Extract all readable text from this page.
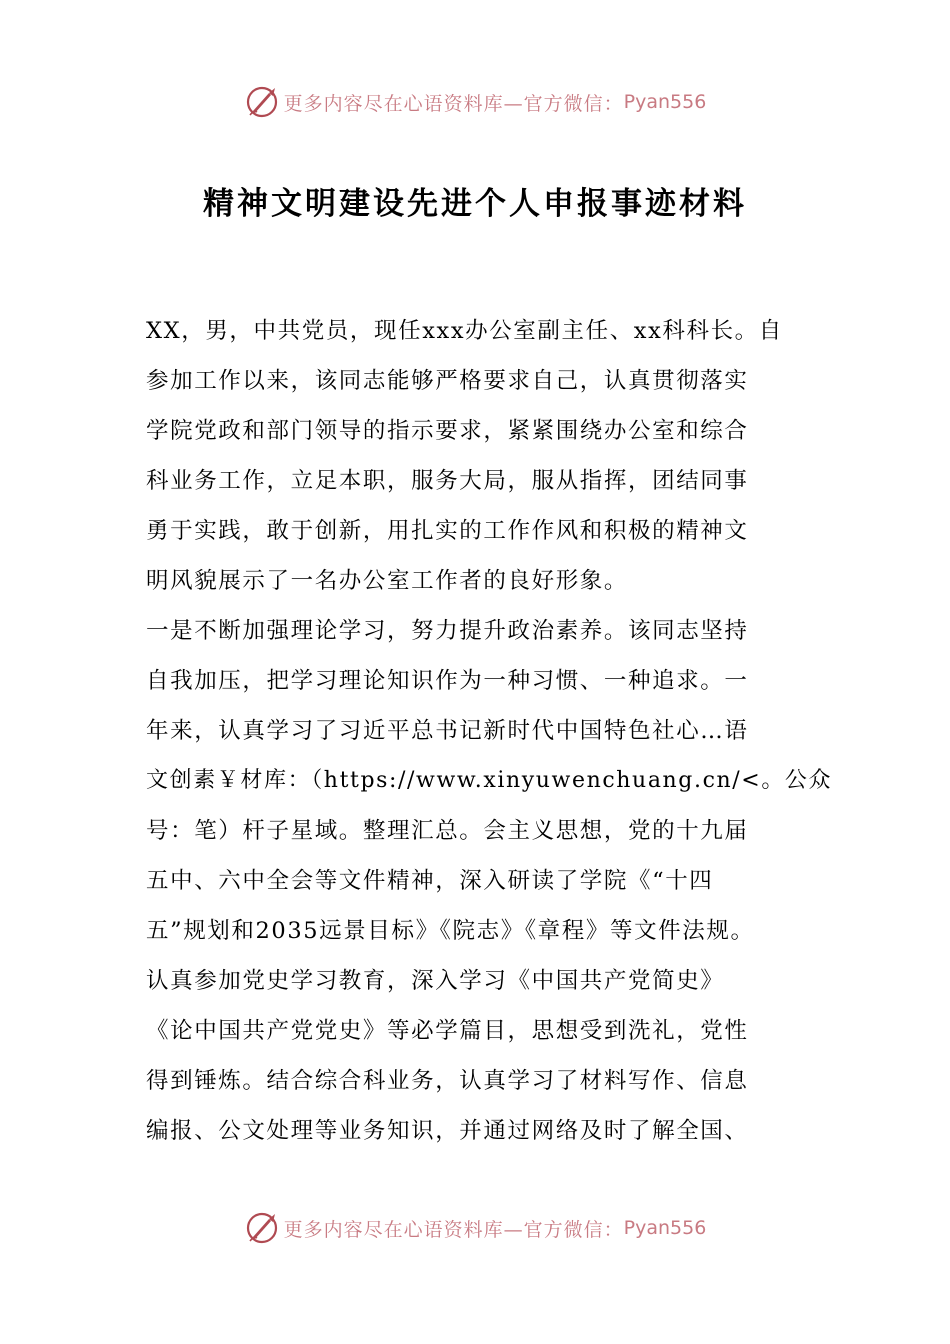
更多内容尽在心语资料库—官方微信： Pyan556
精神文明建设先进个人申报事迹材料
XX，男，中共党员，现任xxx办公室副主任、xx科科长。自
参加工作以来，该同志能够严格要求自己，认真贯彻落实
学院党政和部门领导的指示要求，紧紧围绕办公室和综合
科业务工作，立足本职，服务大局，服从指挥，团结同事
勇于实践，敢于创新，用扎实的工作作风和积极的精神文
明风貌展示了一名办公室工作者的良好形象。
一是不断加强理论学习，努力提升政治素养。该同志坚持
自我加压，把学习理论知识作为一种习惯、一种追求。一
年来，认真学习了习近平总书记新时代中国特色社心…语
文创素￥材库：（https://www.xinyuwenchuang.cn/<。公众
号：笔）杆子星域。整理汇总。会主义思想，党的十九届
五中、六中全会等文件精神，深入研读了学院《“十四
五”规划和2035远景目标》《院志》《章程》等文件法规。
认真参加党史学习教育，深入学习《中国共产党简史》
《论中国共产党党史》等必学篇目，思想受到洗礼，党性
得到锤炼。结合综合科业务，认真学习了材料写作、信息
编报、公文处理等业务知识，并通过网络及时了解全国、
更多内容尽在心语资料库—官方微信： Pyan556
